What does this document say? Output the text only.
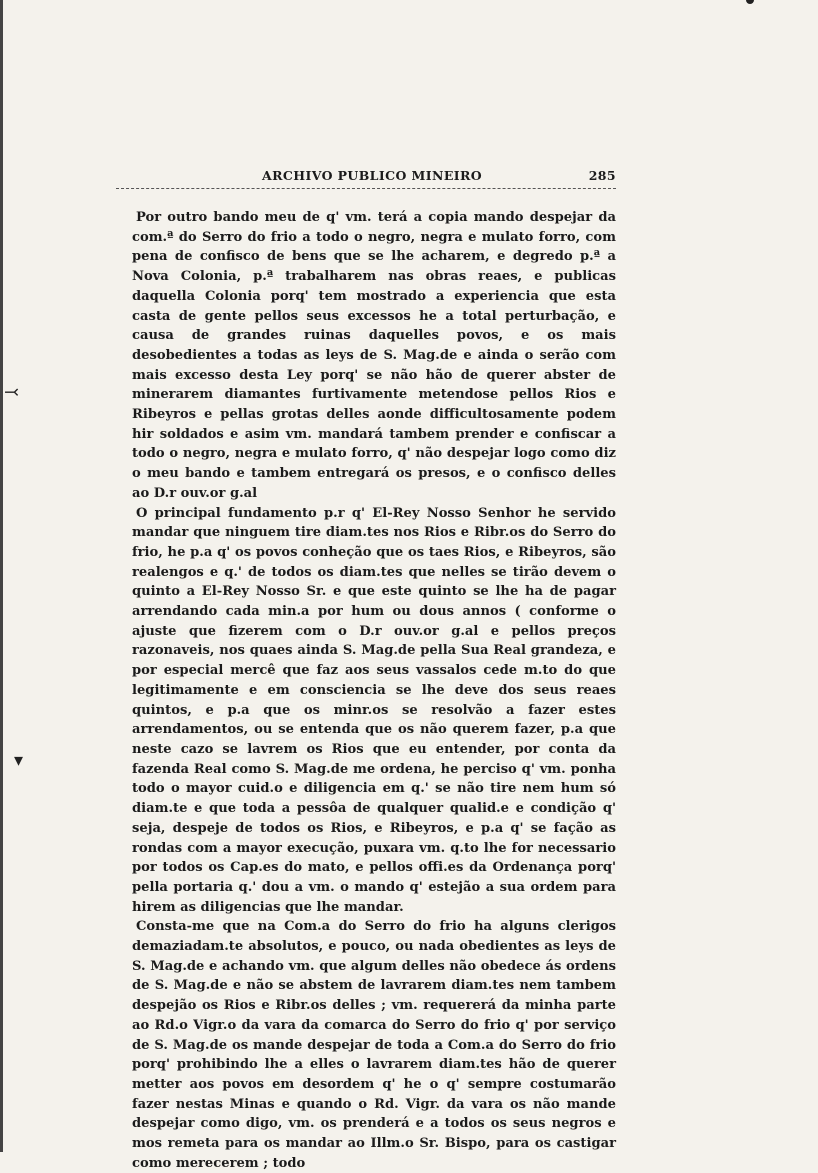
ARCHIVO PUBLICO MINEIRO	285
⤙
▾

Por outro bando meu de q' vm. terá a copia mando despejar da com.ª do Serro do frio a todo o negro, negra e mulato forro, com pena de confisco de bens que se lhe acharem, e degredo p.ª a Nova Colonia, p.ª trabalharem nas obras reaes, e publicas daquella Colonia porq' tem mostrado a experiencia que esta casta de gente pellos seus excessos he a total perturbação, e causa de grandes ruinas daquelles povos, e os mais desobedientes a todas as leys de S. Mag.de e ainda o serão com mais excesso desta Ley porq' se não hão de querer abster de minerarem diamantes furtivamente metendose pellos Rios e Ribeyros e pellas grotas delles aonde difficultosamente podem hir soldados e asim vm. mandará tambem prender e confiscar a todo o negro, negra e mulato forro, q' não despejar logo como diz o meu bando e tambem entregará os presos, e o confisco delles ao D.r ouv.or g.al

O principal fundamento p.r q' El-Rey Nosso Senhor he servido mandar que ninguem tire diam.tes nos Rios e Ribr.os do Serro do frio, he p.a q' os povos conheção que os taes Rios, e Ribeyros, são realengos e q.' de todos os diam.tes que nelles se tirão devem o quinto a El-Rey Nosso Sr. e que este quinto se lhe ha de pagar arrendando cada min.a por hum ou dous annos ( conforme o ajuste que fizerem com o D.r ouv.or g.al e pellos preços razonaveis, nos quaes ainda S. Mag.de pella Sua Real grandeza, e por especial mercê que faz aos seus vassalos cede m.to do que legitimamente e em consciencia se lhe deve dos seus reaes quintos, e p.a que os minr.os se resolvão a fazer estes arrendamentos, ou se entenda que os não querem fazer, p.a que neste cazo se lavrem os Rios que eu entender, por conta da fazenda Real como S. Mag.de me ordena, he perciso q' vm. ponha todo o mayor cuid.o e diligencia em q.' se não tire nem hum só diam.te e que toda a pessôa de qualquer qualid.e e condição q' seja, despeje de todos os Rios, e Ribeyros, e p.a q' se fação as rondas com a mayor execução, puxara vm. q.to lhe for necessario por todos os Cap.es do mato, e pellos offi.es da Ordenança porq' pella portaria q.' dou a vm. o mando q' estejão a sua ordem para hirem as diligencias que lhe mandar.

Consta-me que na Com.a do Serro do frio ha alguns clerigos demaziadam.te absolutos, e pouco, ou nada obedientes as leys de S. Mag.de e achando vm. que algum delles não obedece ás ordens de S. Mag.de e não se abstem de lavrarem diam.tes nem tambem despejão os Rios e Ribr.os delles ; vm. requererá da minha parte ao Rd.o Vigr.o da vara da comarca do Serro do frio q' por serviço de S. Mag.de os mande despejar de toda a Com.a do Serro do frio porq' prohibindo lhe a elles o lavrarem diam.tes hão de querer metter aos povos em desordem q' he o q' sempre costumarão fazer nestas Minas e quando o Rd. Vigr. da vara os não mande despejar como digo, vm. os prenderá e a todos os seus negros e mos remeta para os mandar ao Illm.o Sr. Bispo, para os castigar como merecerem ; todo
